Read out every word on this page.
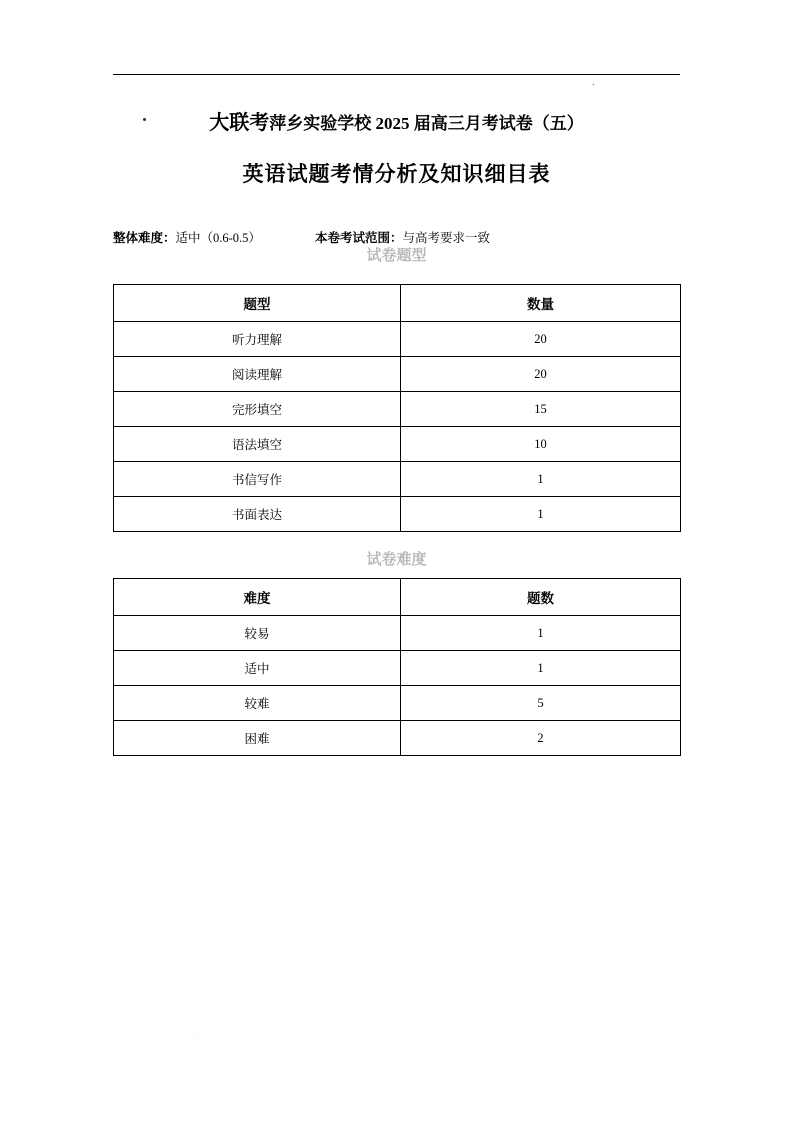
.
大联考萍乡实验学校 2025 届高三月考试卷（五）
英语试题考情分析及知识细目表
整体难度：适中（0.6-0.5）	本卷考试范围：与高考要求一致
试卷题型
题型	数量
听力理解	20
阅读理解	20
完形填空	15
语法填空	10
书信写作	1
书面表达	1
试卷难度
难度	题数
较易	1
适中	1
较难	5
困难	2
.
